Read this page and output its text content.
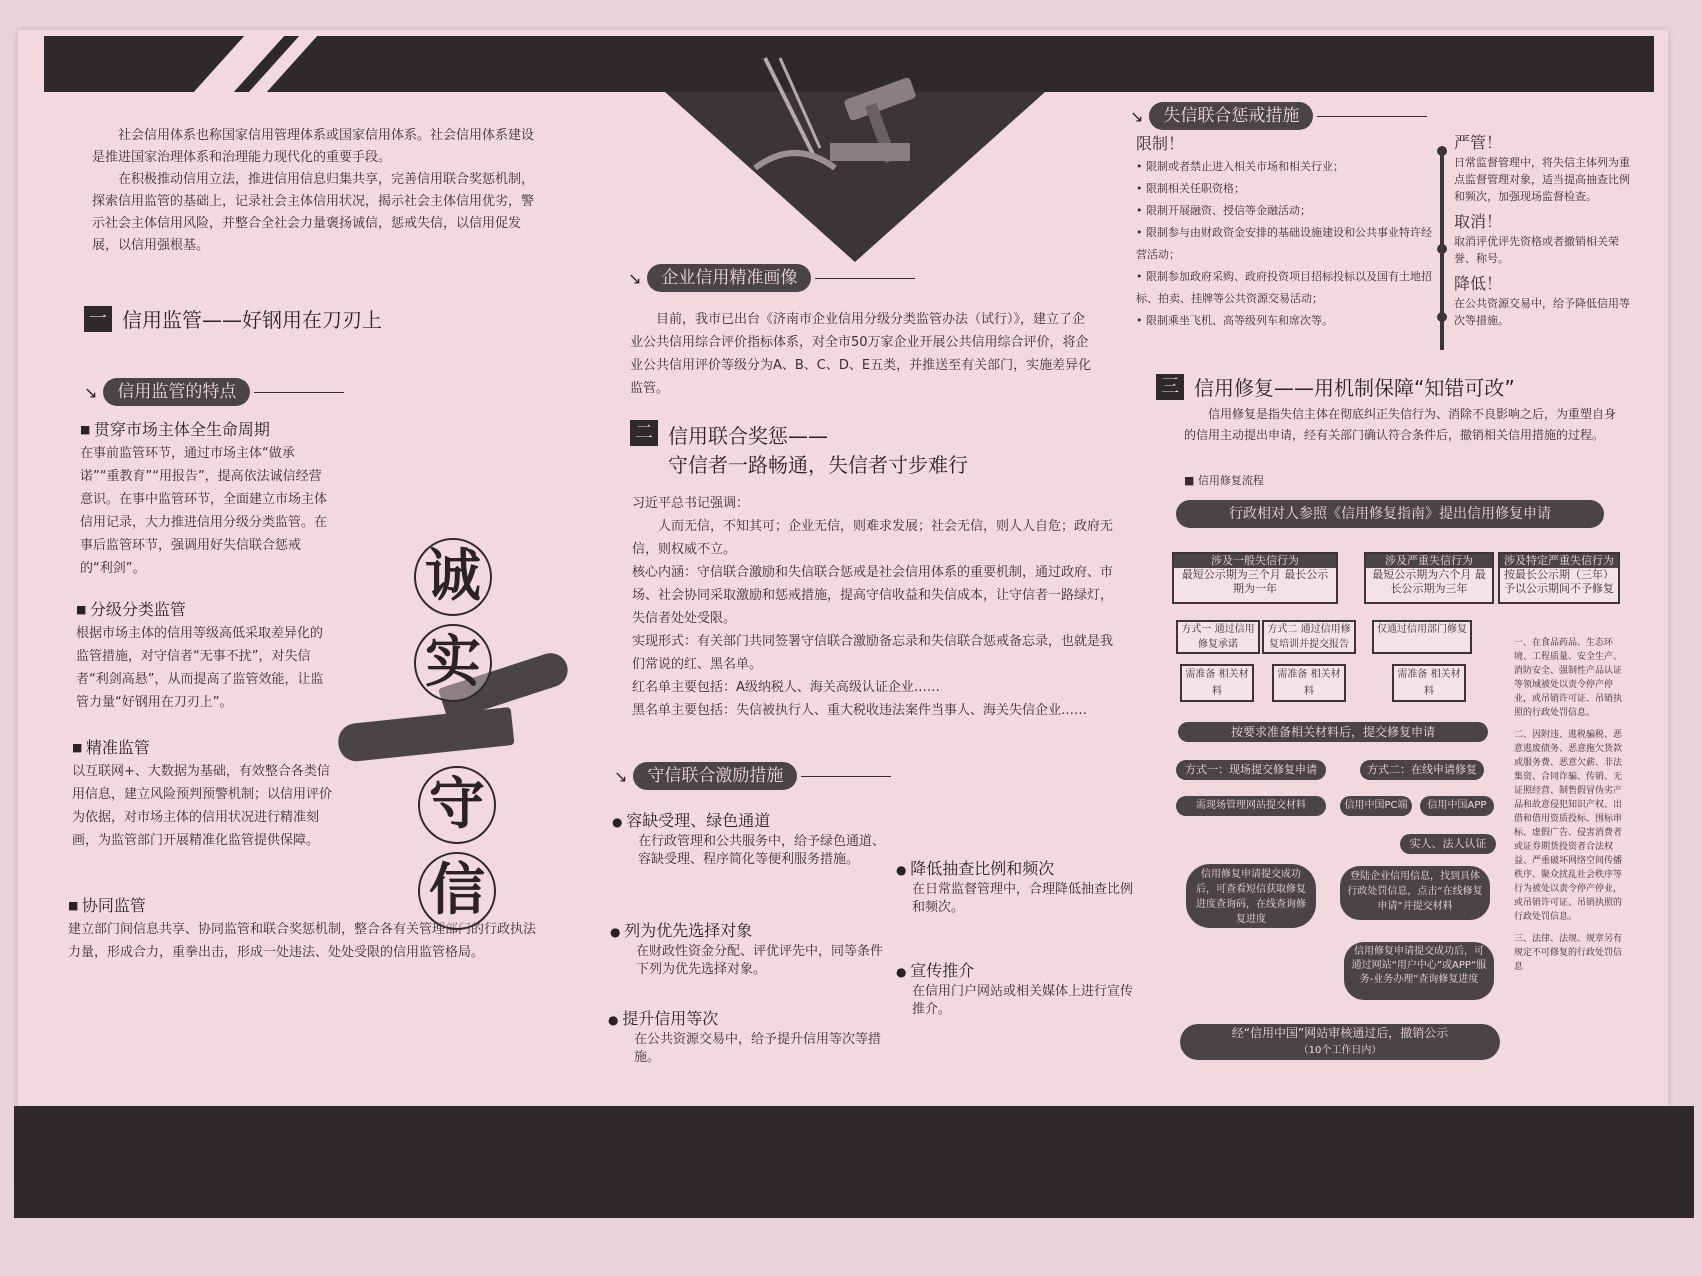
社会信用体系也称国家信用管理体系或国家信用体系。社会信用体系建设是推进国家治理体系和治理能力现代化的重要手段。

在积极推动信用立法，推进信用信息归集共享，完善信用联合奖惩机制，探索信用监管的基础上，记录社会主体信用状况，揭示社会主体信用优劣，警示社会主体信用风险，并整合全社会力量褒扬诚信，惩戒失信，以信用促发展，以信用强根基。

一 信用监管——好钢用在刀刃上
↘	信用监管的特点
■ 贯穿市场主体全生命周期
在事前监管环节，通过市场主体“做承诺”“重教育”“用报告”，提高依法诚信经营意识。在事中监管环节，全面建立市场主体信用记录，大力推进信用分级分类监管。在事后监管环节，强调用好失信联合惩戒的“利剑”。
■ 分级分类监管
根据市场主体的信用等级高低采取差异化的监管措施，对守信者“无事不扰”，对失信者“利剑高悬”，从而提高了监管效能，让监管力量“好钢用在刀刃上”。
■ 精准监管
以互联网+、大数据为基础，有效整合各类信用信息，建立风险预判预警机制；以信用评价为依据，对市场主体的信用状况进行精准刻画，为监管部门开展精准化监管提供保障。
■ 协同监管
建立部门间信息共享、协同监管和联合奖惩机制，整合各有关管理部门的行政执法力量，形成合力，重拳出击，形成一处违法、处处受限的信用监管格局。
诚
实
守
信
↘	企业信用精准画像
目前，我市已出台《济南市企业信用分级分类监管办法（试行）》，建立了企业公共信用综合评价指标体系，对全市50万家企业开展公共信用综合评价，将企业公共信用评价等级分为A、B、C、D、E五类，并推送至有关部门，实施差异化监管。
二 信用联合奖惩——
守信者一路畅通，失信者寸步难行

习近平总书记强调：

人而无信，不知其可；企业无信，则难求发展；社会无信，则人人自危；政府无信，则权威不立。

核心内涵：守信联合激励和失信联合惩戒是社会信用体系的重要机制，通过政府、市场、社会协同采取激励和惩戒措施，提高守信收益和失信成本，让守信者一路绿灯，失信者处处受限。

实现形式：有关部门共同签署守信联合激励备忘录和失信联合惩戒备忘录，也就是我们常说的红、黑名单。

红名单主要包括：A级纳税人、海关高级认证企业……

黑名单主要包括：失信被执行人、重大税收违法案件当事人、海关失信企业……

↘	守信联合激励措施
● 容缺受理、绿色通道
在行政管理和公共服务中，给予绿色通道、容缺受理、程序简化等便利服务措施。
● 列为优先选择对象
在财政性资金分配、评优评先中，同等条件下列为优先选择对象。
● 提升信用等次
在公共资源交易中，给予提升信用等次等措施。
● 降低抽查比例和频次
在日常监督管理中，合理降低抽查比例和频次。
● 宣传推介
在信用门户网站或相关媒体上进行宣传推介。
↘	失信联合惩戒措施
限制！
• 限制或者禁止进入相关市场和相关行业；
• 限制相关任职资格；
• 限制开展融资、授信等金融活动；
• 限制参与由财政资金安排的基础设施建设和公共事业特许经营活动；
• 限制参加政府采购、政府投资项目招标投标以及国有土地招标、拍卖、挂牌等公共资源交易活动；
• 限制乘坐飞机、高等级列车和席次等。
严管！
日常监督管理中，将失信主体列为重点监督管理对象，适当提高抽查比例和频次，加强现场监督检查。
取消！
取消评优评先资格或者撤销相关荣誉、称号。
降低！
在公共资源交易中，给予降低信用等次等措施。
三 信用修复——用机制保障“知错可改”
信用修复是指失信主体在彻底纠正失信行为、消除不良影响之后，为重塑自身的信用主动提出申请，经有关部门确认符合条件后，撤销相关信用措施的过程。
■ 信用修复流程
行政相对人参照《信用修复指南》提出信用修复申请
涉及一般失信行为
最短公示期为三个月 最长公示期为一年
涉及严重失信行为
最短公示期为六个月 最长公示期为三年
涉及特定严重失信行为
按最长公示期（三年） 予以公示期间不予修复
方式一 通过信用修复承诺
方式二 通过信用修复培训并提交报告
仅通过信用部门修复
需准备 相关材料
需准备 相关材料
需准备 相关材料
按要求准备相关材料后，提交修复申请
方式一：现场提交修复申请	方式二：在线申请修复
需现场管理网站提交材料	信用中国PC端	信用中国APP
实人、法人认证
信用修复申请提交成功后，可查看短信获取修复进度查询码，在线查询修复进度
登陆企业信用信息，找到具体行政处罚信息，点击“在线修复申请”并提交材料
信用修复申请提交成功后，可通过网站“用户中心”或APP“服务-业务办理”查询修复进度
经“信用中国”网站审核通过后，撤销公示
（10个工作日内）

一、在食品药品、生态环境、工程质量、安全生产、消防安全、强制性产品认证等领域被处以责令停产停业，或吊销许可证、吊销执照的行政处罚信息。

二、因附违、逃税骗税、恶意逃废债务、恶意拖欠货款或服务费、恶意欠薪、非法集资、合同诈骗、传销、无证照经营、制售假冒伪劣产品和故意侵犯知识产权、出借和借用资质投标、围标串标、虚假广告、侵害消费者或证券期货投资者合法权益、严重破坏网络空间传播秩序、聚众扰乱社会秩序等行为被处以责令停产停业，或吊销许可证、吊销执照的行政处罚信息。

三、法律、法规、规章另有规定不可修复的行政处罚信息
